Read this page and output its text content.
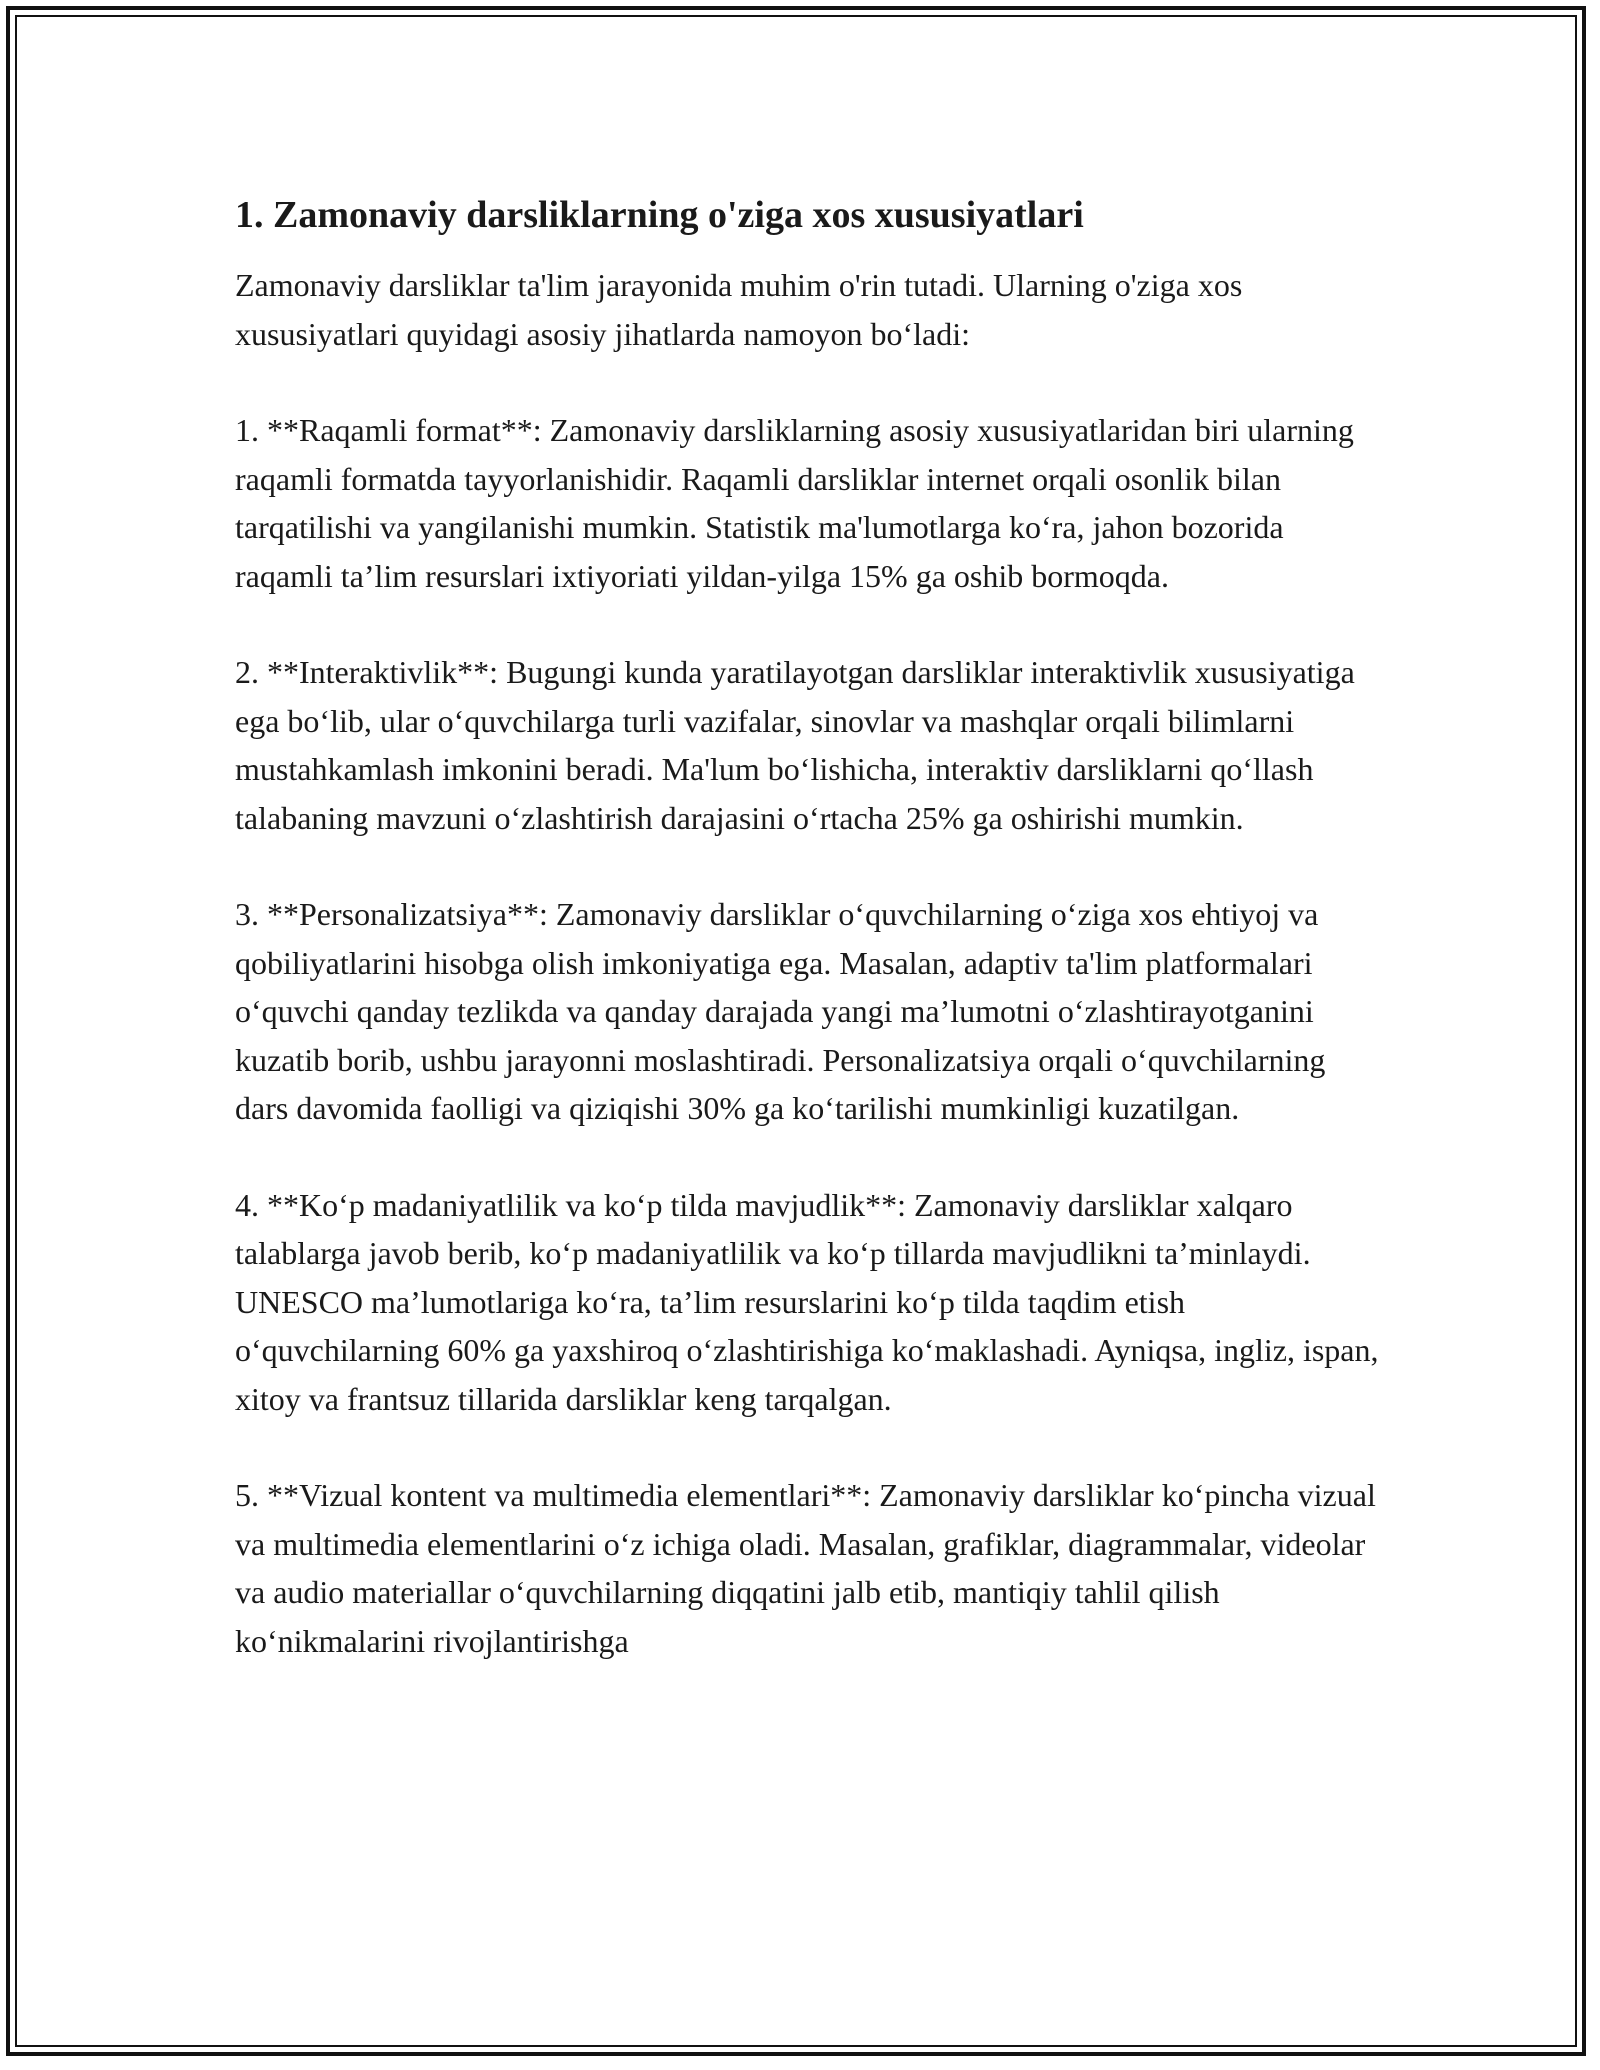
1. Zamonaviy darsliklarning o'ziga xos xususiyatlari

Zamonaviy darsliklar ta'lim jarayonida muhim o'rin tutadi. Ularning o'ziga xos xususiyatlari quyidagi asosiy jihatlarda namoyon bo‘ladi:

1. **Raqamli format**: Zamonaviy darsliklarning asosiy xususiyatlaridan biri ularning raqamli formatda tayyorlanishidir. Raqamli darsliklar internet orqali osonlik bilan tarqatilishi va yangilanishi mumkin. Statistik ma'lumotlarga ko‘ra, jahon bozorida raqamli ta’lim resurslari ixtiyoriati yildan-yilga 15% ga oshib bormoqda.

2. **Interaktivlik**: Bugungi kunda yaratilayotgan darsliklar interaktivlik xususiyatiga ega bo‘lib, ular o‘quvchilarga turli vazifalar, sinovlar va mashqlar orqali bilimlarni mustahkamlash imkonini beradi. Ma'lum bo‘lishicha, interaktiv darsliklarni qo‘llash talabaning mavzuni o‘zlashtirish darajasini o‘rtacha 25% ga oshirishi mumkin.

3. **Personalizatsiya**: Zamonaviy darsliklar o‘quvchilarning o‘ziga xos ehtiyoj va qobiliyatlarini hisobga olish imkoniyatiga ega. Masalan, adaptiv ta'lim platformalari o‘quvchi qanday tezlikda va qanday darajada yangi ma’lumotni o‘zlashtirayotganini kuzatib borib, ushbu jarayonni moslashtiradi. Personalizatsiya orqali o‘quvchilarning dars davomida faolligi va qiziqishi 30% ga ko‘tarilishi mumkinligi kuzatilgan.

4. **Ko‘p madaniyatlilik va ko‘p tilda mavjudlik**: Zamonaviy darsliklar xalqaro talablarga javob berib, ko‘p madaniyatlilik va ko‘p tillarda mavjudlikni ta’minlaydi. UNESCO ma’lumotlariga ko‘ra, ta’lim resurslarini ko‘p tilda taqdim etish o‘quvchilarning 60% ga yaxshiroq o‘zlashtirishiga ko‘maklashadi. Ayniqsa, ingliz, ispan, xitoy va frantsuz tillarida darsliklar keng tarqalgan.

5. **Vizual kontent va multimedia elementlari**: Zamonaviy darsliklar ko‘pincha vizual va multimedia elementlarini o‘z ichiga oladi. Masalan, grafiklar, diagrammalar, videolar va audio materiallar o‘quvchilarning diqqatini jalb etib, mantiqiy tahlil qilish ko‘nikmalarini rivojlantirishga
